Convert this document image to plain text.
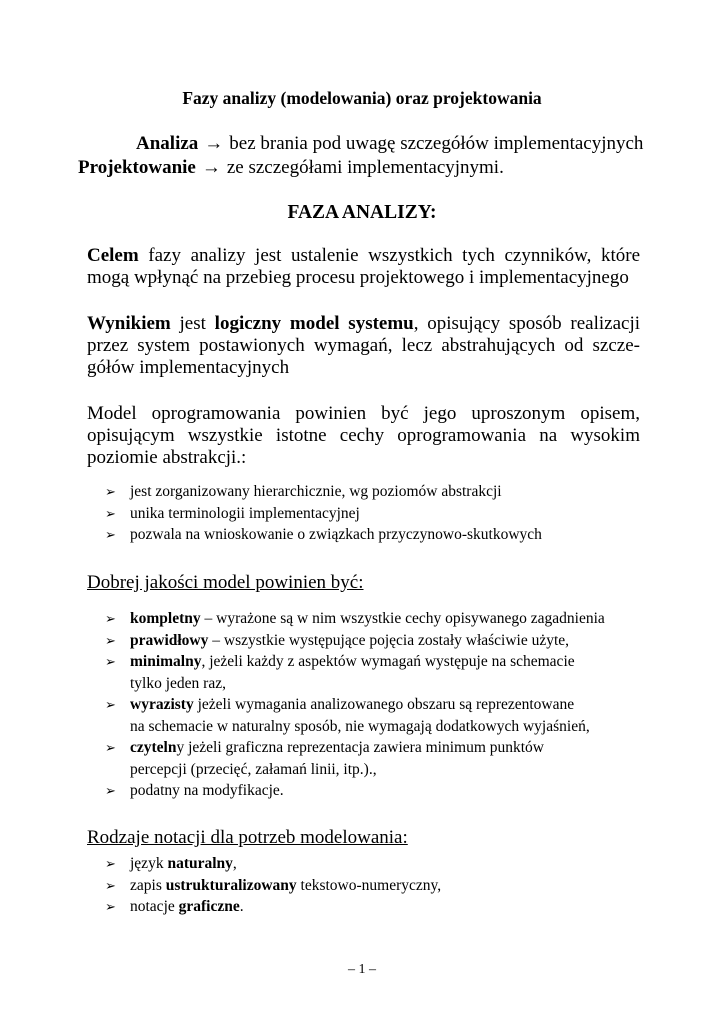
Fazy analizy (modelowania) oraz projektowania
Analiza → bez brania pod uwagę szczegółów implementacyjnych
Projektowanie → ze szczegółami implementacyjnymi.
FAZA ANALIZY:
Celem fazy analizy jest ustalenie wszystkich tych czynników, które mogą wpłynąć na przebieg procesu projektowego i implementacyjnego
Wynikiem jest logiczny model systemu, opisujący sposób realizacji przez system postawionych wymagań, lecz abstrahujących od szcze-gółów implementacyjnych
Model oprogramowania powinien być jego uproszonym opisem, opisującym wszystkie istotne cechy oprogramowania na wysokim poziomie abstrakcji.:
➢ jest zorganizowany hierarchicznie, wg poziomów abstrakcji
➢ unika terminologii implementacyjnej
➢ pozwala na wnioskowanie o związkach przyczynowo-skutkowych
Dobrej jakości model powinien być:
➢ kompletny – wyrażone są w nim wszystkie cechy opisywanego zagadnienia
➢ prawidłowy – wszystkie występujące pojęcia zostały właściwie użyte,
➢ minimalny, jeżeli każdy z aspektów wymagań występuje na schemacie
tylko jeden raz,
➢ wyrazisty jeżeli wymagania analizowanego obszaru są reprezentowane
na schemacie w naturalny sposób, nie wymagają dodatkowych wyjaśnień,
➢ czytelny jeżeli graficzna reprezentacja zawiera minimum punktów
percepcji (przecięć, załamań linii, itp.).,
➢ podatny na modyfikacje.
Rodzaje notacji dla potrzeb modelowania:
➢ język naturalny,
➢ zapis ustrukturalizowany tekstowo-numeryczny,
➢ notacje graficzne.
– 1 –
